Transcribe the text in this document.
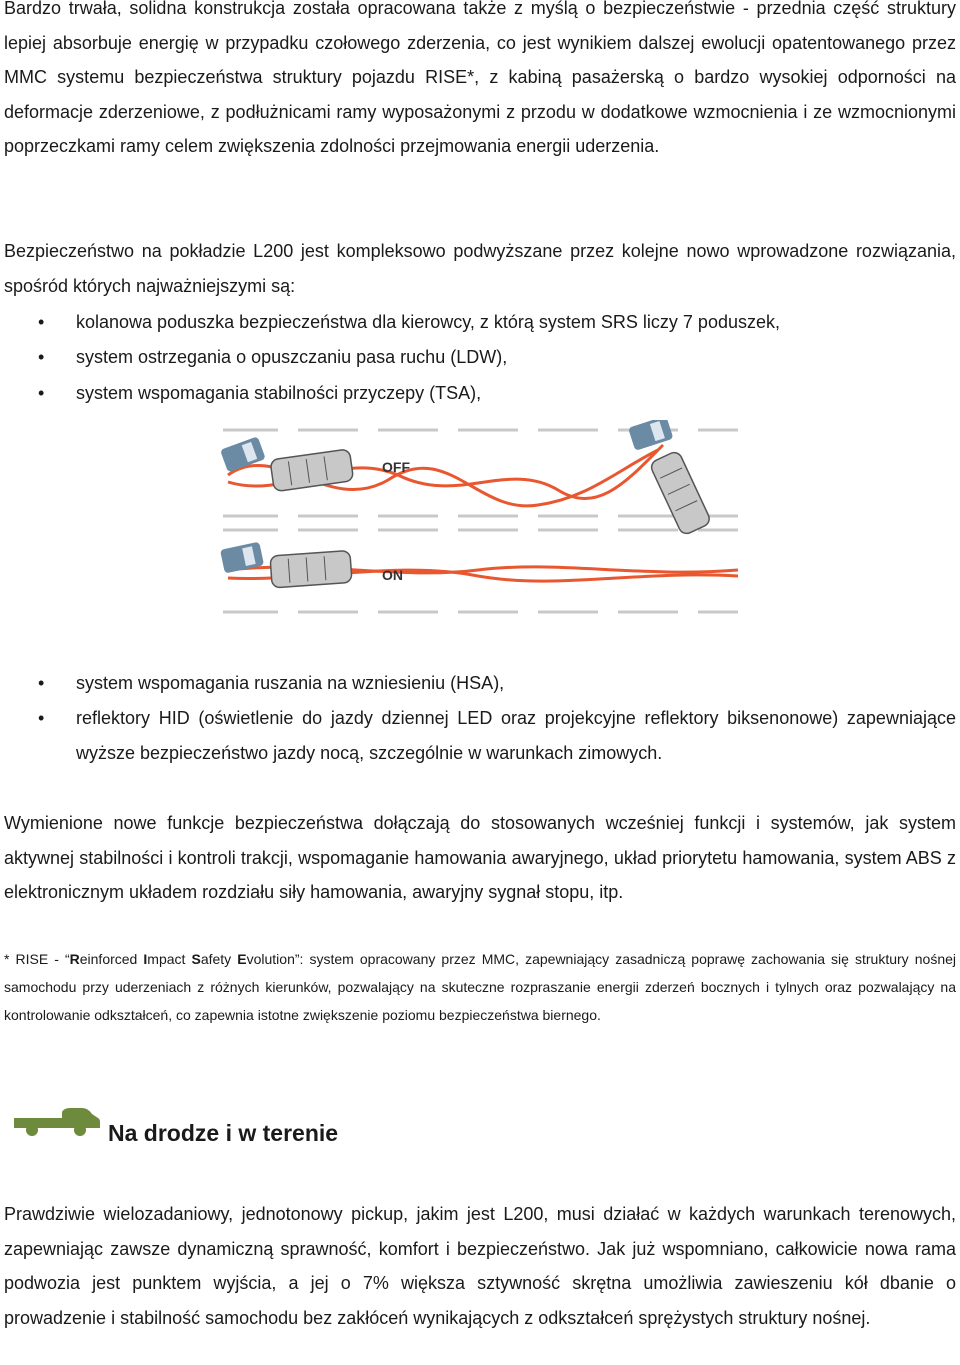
Bardzo trwała, solidna konstrukcja została opracowana także z myślą o bezpieczeństwie - przednia część struktury lepiej absorbuje energię w przypadku czołowego zderzenia, co jest wynikiem dalszej ewolucji opatentowanego przez MMC systemu bezpieczeństwa struktury pojazdu RISE*, z kabiną pasażerską o bardzo wysokiej odporności na deformacje zderzeniowe, z podłużnicami ramy wyposażonymi z przodu w dodatkowe wzmocnienia i ze wzmocnionymi poprzeczkami ramy celem zwiększenia zdolności przejmowania energii uderzenia.

Bezpieczeństwo na pokładzie L200 jest kompleksowo podwyższane przez kolejne nowo wprowadzone rozwiązania, spośród których najważniejszymi są:

• kolanowa poduszka bezpieczeństwa dla kierowcy, z którą system SRS liczy 7 poduszek,
• system ostrzegania o opuszczaniu pasa ruchu (LDW),
• system wspomagania stabilności przyczepy (TSA),
OFF
ON
• system wspomagania ruszania na wzniesieniu (HSA),
• reflektory HID (oświetlenie do jazdy dziennej LED oraz projekcyjne reflektory biksenonowe) zapewniające wyższe bezpieczeństwo jazdy nocą, szczególnie w warunkach zimowych.

Wymienione nowe funkcje bezpieczeństwa dołączają do stosowanych wcześniej funkcji i systemów, jak system aktywnej stabilności i kontroli trakcji, wspomaganie hamowania awaryjnego, układ priorytetu hamowania, system ABS z elektronicznym układem rozdziału siły hamowania, awaryjny sygnał stopu, itp.

* RISE - “Reinforced Impact Safety Evolution”: system opracowany przez MMC, zapewniający zasadniczą poprawę zachowania się struktury nośnej samochodu przy uderzeniach z różnych kierunków, pozwalający na skuteczne rozpraszanie energii zderzeń bocznych i tylnych oraz pozwalający na kontrolowanie odkształceń, co zapewnia istotne zwiększenie poziomu bezpieczeństwa biernego.

Na drodze i w terenie

Prawdziwie wielozadaniowy, jednotonowy pickup, jakim jest L200, musi działać w każdych warunkach terenowych, zapewniając zawsze dynamiczną sprawność, komfort i bezpieczeństwo. Jak już wspomniano, całkowicie nowa rama podwozia jest punktem wyjścia, a jej o 7% większa sztywność skrętna umożliwia zawieszeniu kół dbanie o prowadzenie i stabilność samochodu bez zakłóceń wynikających z odkształceń sprężystych struktury nośnej.
